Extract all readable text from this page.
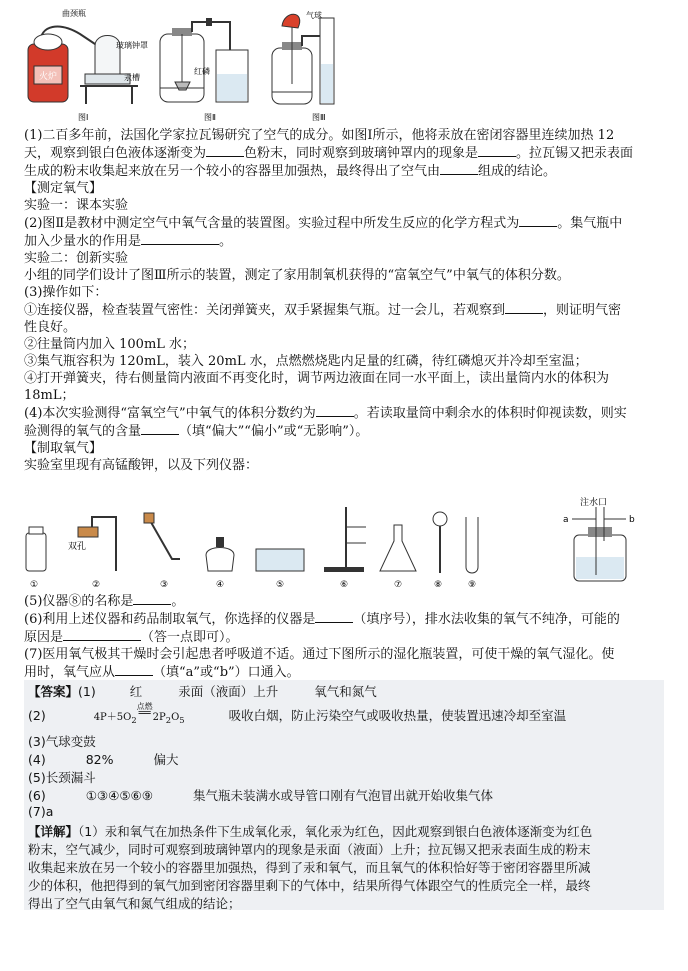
火炉
曲颈瓶
玻璃钟罩
汞槽
图Ⅰ
红磷
图Ⅱ
气球
图Ⅲ
(1)二百多年前，法国化学家拉瓦锡研究了空气的成分。如图Ⅰ所示，他将汞放在密闭容器里连续加热 12
天，观察到银白色液体逐渐变为	色粉末，同时观察到玻璃钟罩内的现象是	。拉瓦锡又把汞表面
生成的粉末收集起来放在另一个较小的容器里加强热，最终得出了空气由	组成的结论。
【测定氧气】
实验一：课本实验
(2)图Ⅱ是教材中测定空气中氧气含量的装置图。实验过程中所发生反应的化学方程式为	。集气瓶中
加入少量水的作用是	。
实验二：创新实验
小组的同学们设计了图Ⅲ所示的装置，测定了家用制氧机获得的“富氧空气”中氧气的体积分数。
(3)操作如下：
①连接仪器，检查装置气密性：关闭弹簧夹，双手紧握集气瓶。过一会儿，若观察到	，则证明气密
性良好。
②往量筒内加入 100mL 水；
③集气瓶容积为 120mL，装入 20mL 水，点燃燃烧匙内足量的红磷，待红磷熄灭并冷却至室温；
④打开弹簧夹，待右侧量筒内液面不再变化时，调节两边液面在同一水平面上，读出量筒内水的体积为
18mL；
(4)本次实验测得“富氧空气”中氧气的体积分数约为	。若读取量筒中剩余水的体积时仰视读数，则实
验测得的氧气的含量	（填“偏大”“偏小”或“无影响”）。
【制取氧气】
实验室里现有高锰酸钾，以及下列仪器：
双孔
注水口
a	b
①	②	③	④	⑤	⑥	⑦	⑧	⑨
(5)仪器⑧的名称是	。
(6)利用上述仪器和药品制取氧气，你选择的仪器是	（填序号），排水法收集的氧气不纯净，可能的
原因是	（答一点即可）。
(7)医用氧气极其干燥时会引起患者呼吸道不适。通过下图所示的湿化瓶装置，可使干燥的氧气湿化。使
用时，氧气应从	（填“a”或“b”）口通入。
【答案】(1)	红	汞面（液面）上升	氧气和氮气
(2)	$4P+5O_2$
点燃
══ $2P_2O_5$	吸收白烟，防止污染空气或吸收热量，使装置迅速冷却至室温
(3)气球变鼓
(4)	82%	偏大
(5)长颈漏斗
(6)	①③④⑤⑥⑨	集气瓶未装满水或导管口刚有气泡冒出就开始收集气体
(7)a
【详解】（1）汞和氧气在加热条件下生成氧化汞，氧化汞为红色，因此观察到银白色液体逐渐变为红色
粉末，空气减少，同时可观察到玻璃钟罩内的现象是汞面（液面）上升；拉瓦锡又把汞表面生成的粉末
收集起来放在另一个较小的容器里加强热，得到了汞和氧气，而且氧气的体积恰好等于密闭容器里所减
少的体积，他把得到的氧气加到密闭容器里剩下的气体中，结果所得气体跟空气的性质完全一样，最终
得出了空气由氧气和氮气组成的结论；
